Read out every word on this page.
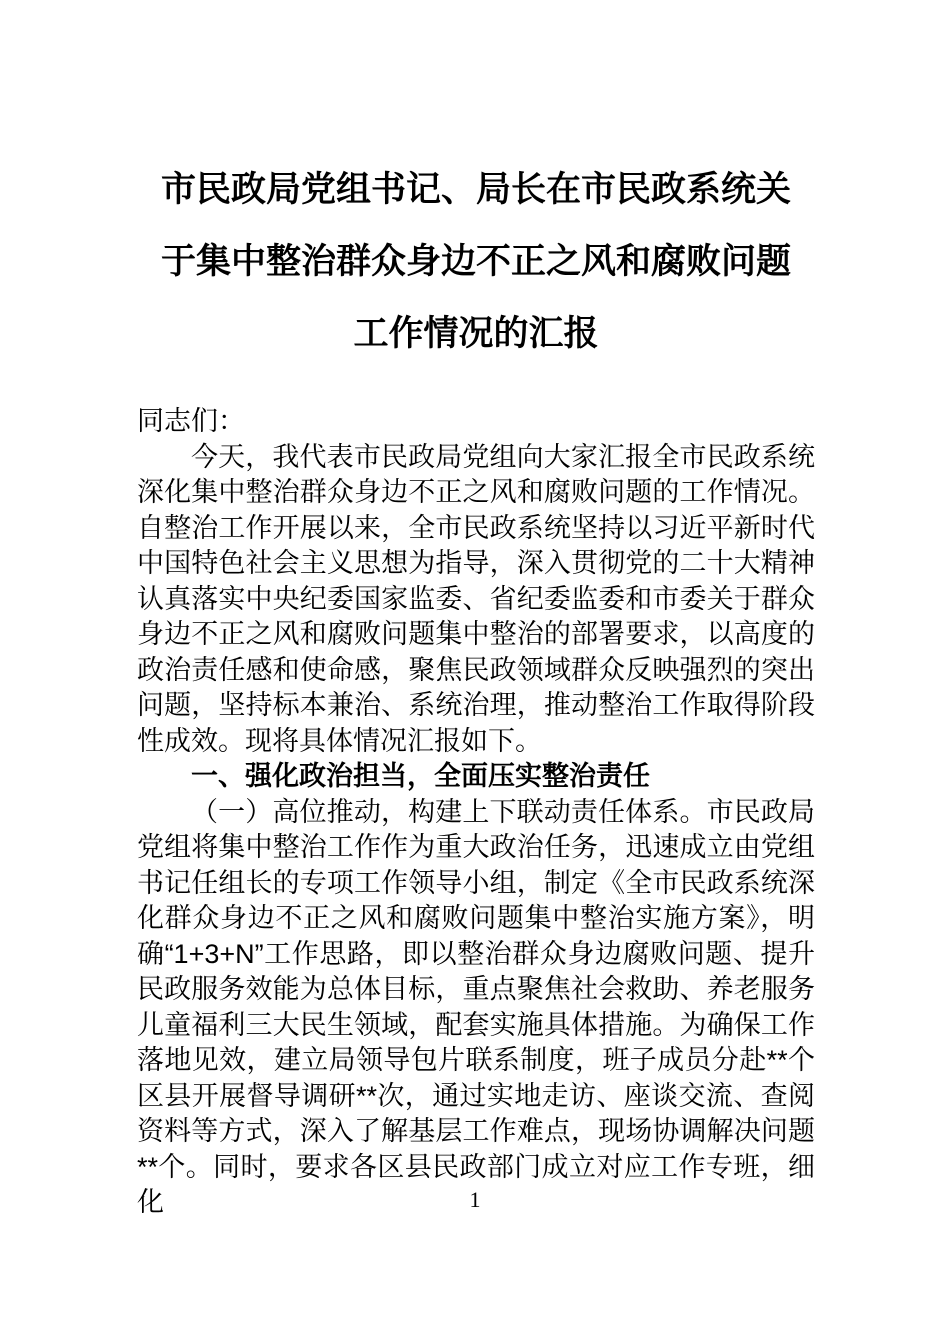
市民政局党组书记、局长在市民政系统关
于集中整治群众身边不正之风和腐败问题
工作情况的汇报

同志们：

今天，我代表市民政局党组向大家汇报全市民政系统深化集中整治群众身边不正之风和腐败问题的工作情况。自整治工作开展以来，全市民政系统坚持以习近平新时代中国特色社会主义思想为指导，深入贯彻党的二十大精神认真落实中央纪委国家监委、省纪委监委和市委关于群众身边不正之风和腐败问题集中整治的部署要求，以高度的政治责任感和使命感，聚焦民政领域群众反映强烈的突出问题，坚持标本兼治、系统治理，推动整治工作取得阶段性成效。现将具体情况汇报如下。

一、强化政治担当，全面压实整治责任

（一）高位推动，构建上下联动责任体系。市民政局党组将集中整治工作作为重大政治任务，迅速成立由党组书记任组长的专项工作领导小组，制定《全市民政系统深化群众身边不正之风和腐败问题集中整治实施方案》，明确“1+3+N”工作思路，即以整治群众身边腐败问题、提升民政服务效能为总体目标，重点聚焦社会救助、养老服务儿童福利三大民生领域，配套实施具体措施。为确保工作落地见效，建立局领导包片联系制度，班子成员分赴**个区县开展督导调研**次，通过实地走访、座谈交流、查阅资料等方式，深入了解基层工作难点，现场协调解决问题**个。同时，要求各区县民政部门成立对应工作专班，细化	1
